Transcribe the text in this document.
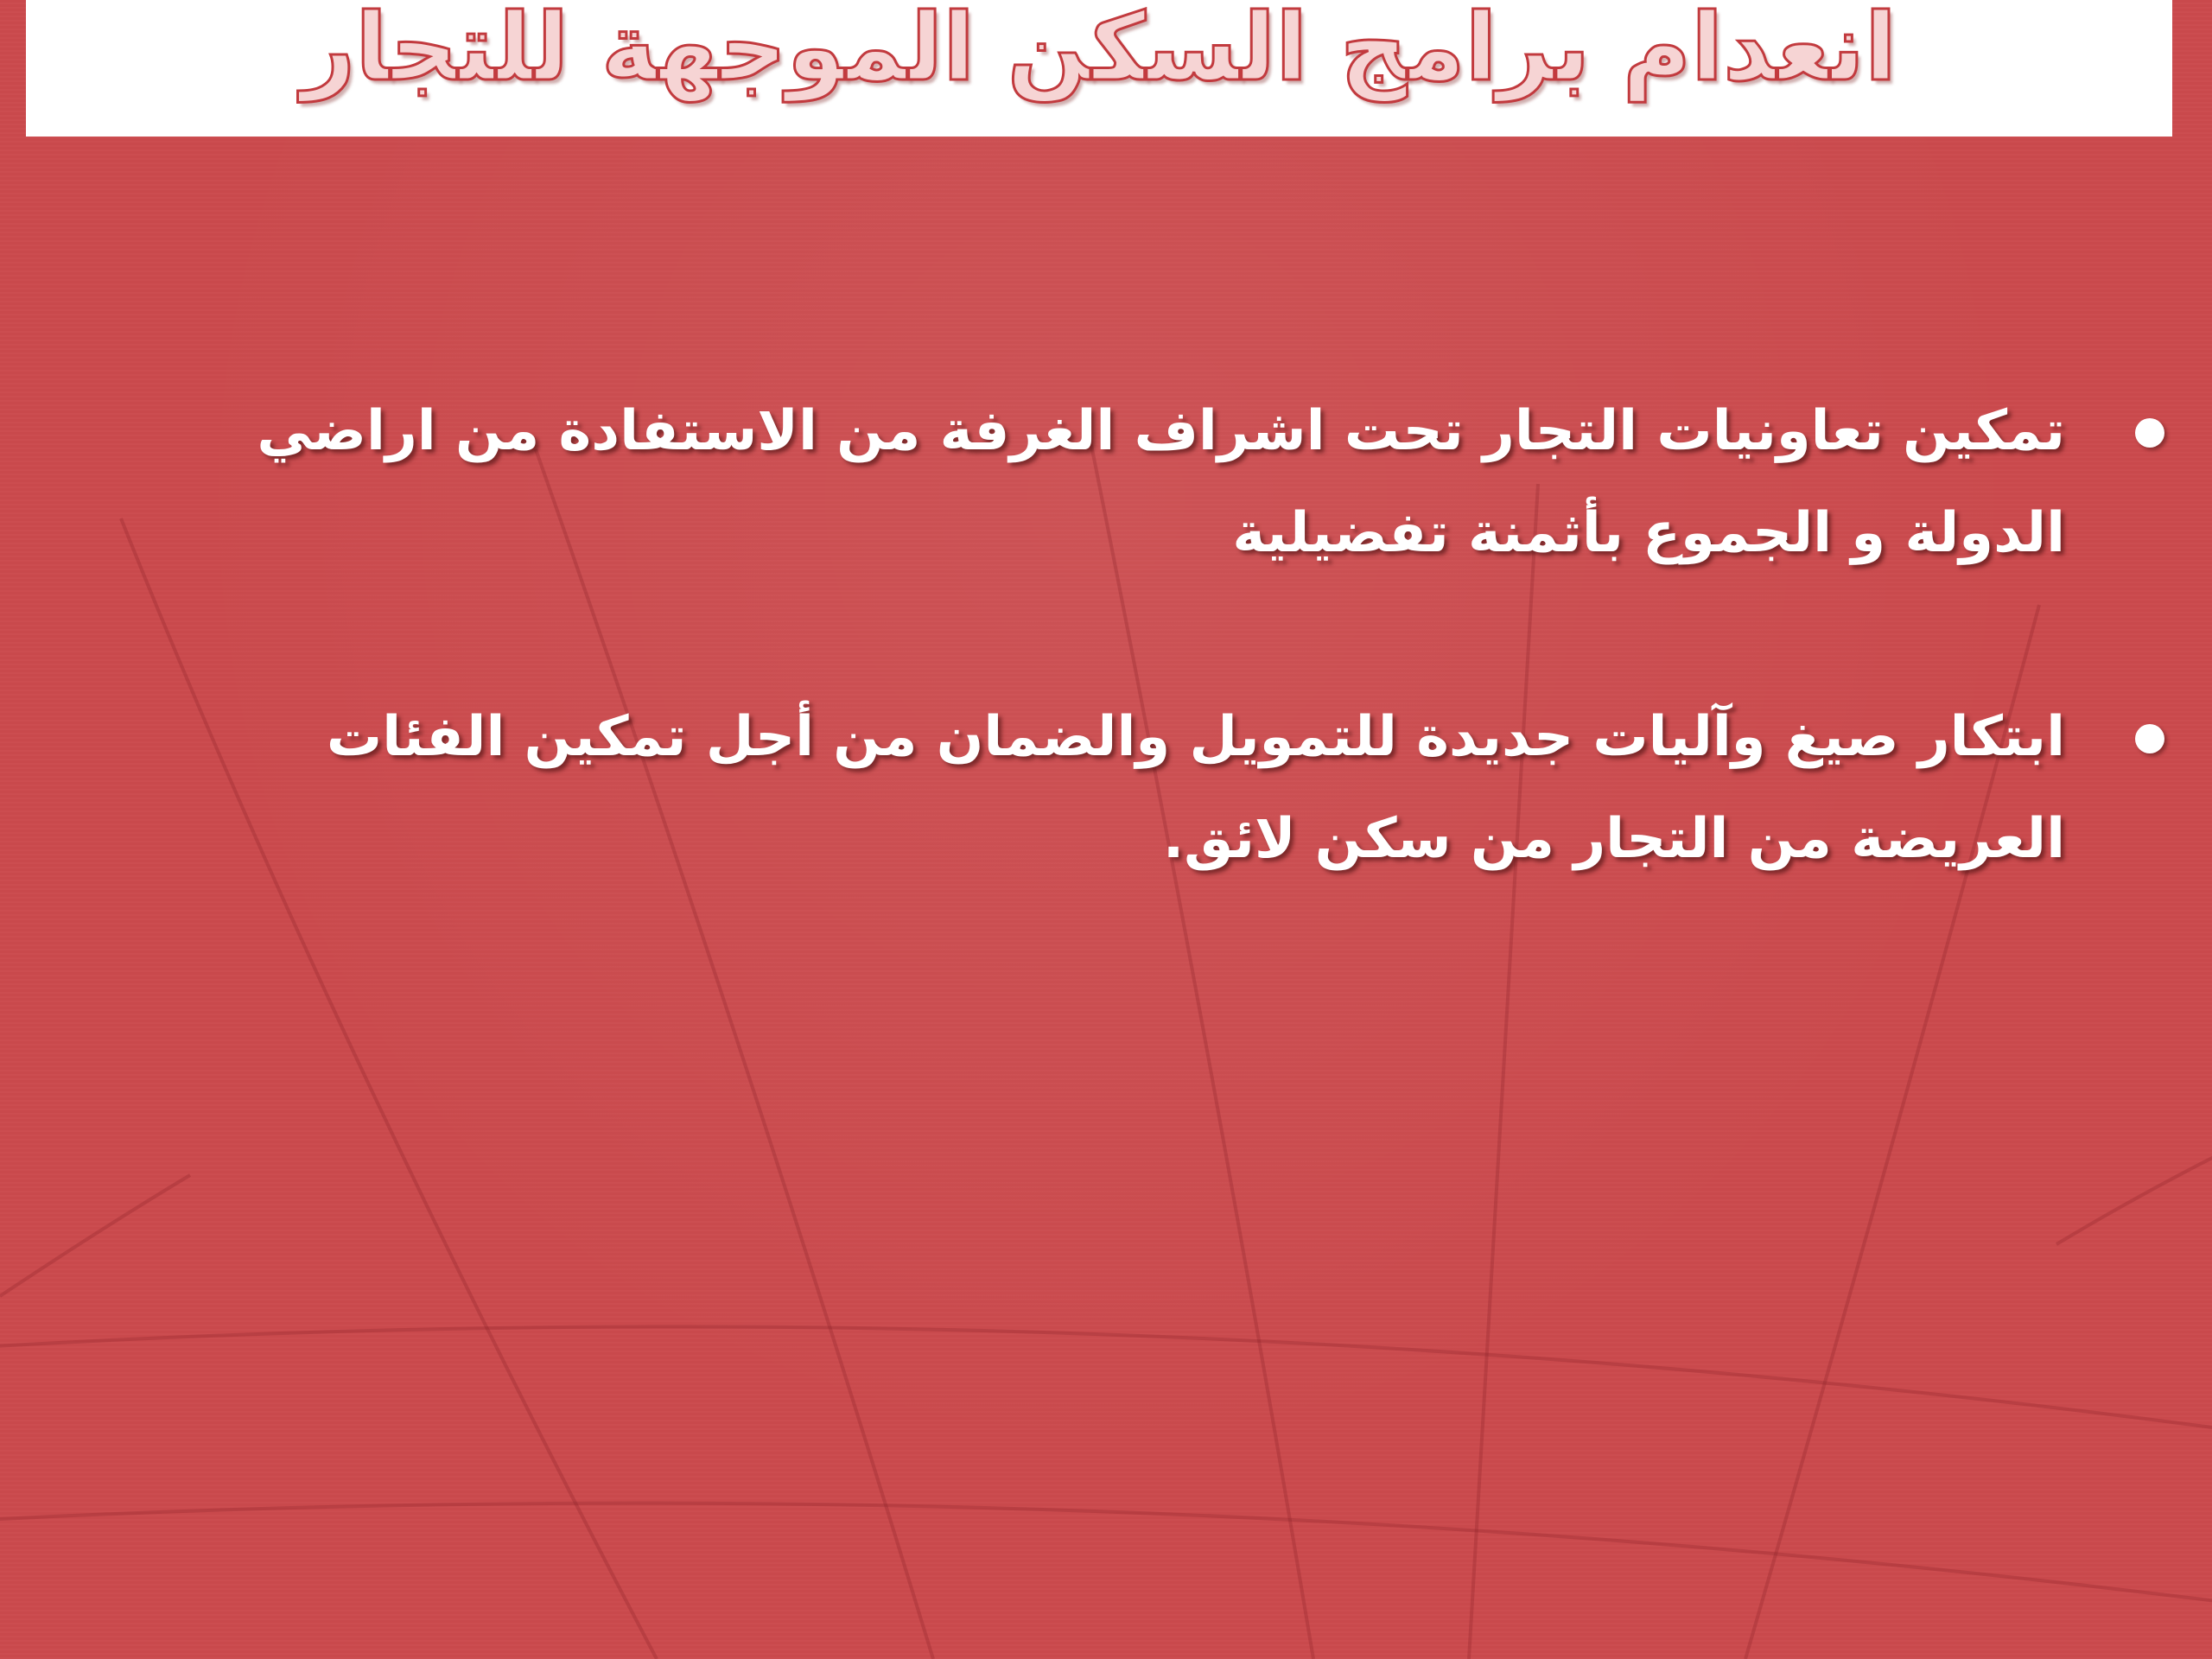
انعدام برامج السكن الموجهة للتجار
تمكين تعاونيات التجار تحت اشراف الغرفة من الاستفادة من اراضي
الدولة و الجموع بأثمنة تفضيلية
ابتكار صيغ وآليات جديدة للتمويل والضمان من أجل تمكين الفئات
العريضة من التجار من سكن لائق.
